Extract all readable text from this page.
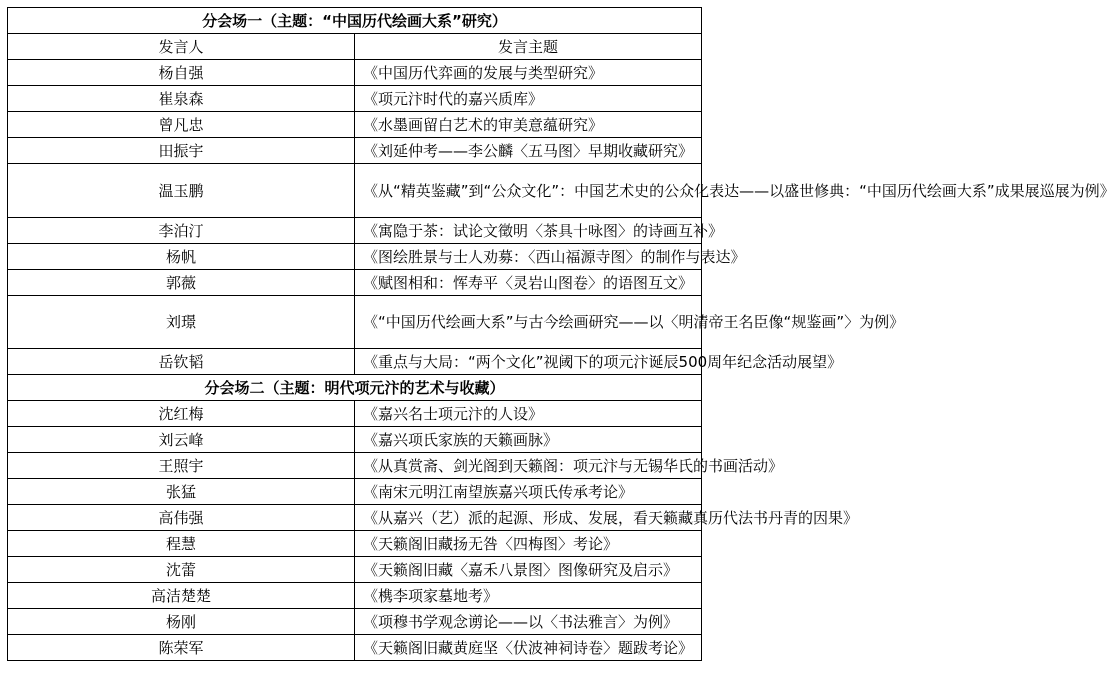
分会场一（主题：“中国历代绘画大系”研究）	
发言人	发言主题
杨自强	《中国历代弈画的发展与类型研究》
崔泉森	《项元汴时代的嘉兴质库》
曾凡忠	《水墨画留白艺术的审美意蕴研究》
田振宇	《刘延仲考——李公麟〈五马图〉早期收藏研究》
温玉鹏	《从“精英鉴藏”到“公众文化”：中国艺术史的公众化表达——以盛世修典：“中国历代绘画大系”成果展巡展为例》
李泊汀	《寓隐于茶：试论文徵明〈茶具十咏图〉的诗画互补》
杨帆	《图绘胜景与士人劝募：〈西山福源寺图〉的制作与表达》
郭薇	《赋图相和：恽寿平〈灵岩山图卷〉的语图互文》
刘璟	《“中国历代绘画大系”与古今绘画研究——以〈明清帝王名臣像“规鉴画”〉为例》
岳钦韬	《重点与大局：“两个文化”视阈下的项元汴诞辰500周年纪念活动展望》
分会场二（主题：明代项元汴的艺术与收藏）	
沈红梅	《嘉兴名士项元汴的人设》
刘云峰	《嘉兴项氏家族的天籁画脉》
王照宇	《从真赏斋、剑光阁到天籁阁：项元汴与无锡华氏的书画活动》
张猛	《南宋元明江南望族嘉兴项氏传承考论》
高伟强	《从嘉兴（艺）派的起源、形成、发展，看天籁藏真历代法书丹青的因果》
程慧	《天籁阁旧藏扬无咎〈四梅图〉考论》
沈蕾	《天籁阁旧藏〈嘉禾八景图〉图像研究及启示》
高洁楚楚	《槜李项家墓地考》
杨刚	《项穆书学观念谫论——以〈书法雅言〉为例》
陈荣军	《天籁阁旧藏黄庭坚〈伏波神祠诗卷〉题跋考论》
